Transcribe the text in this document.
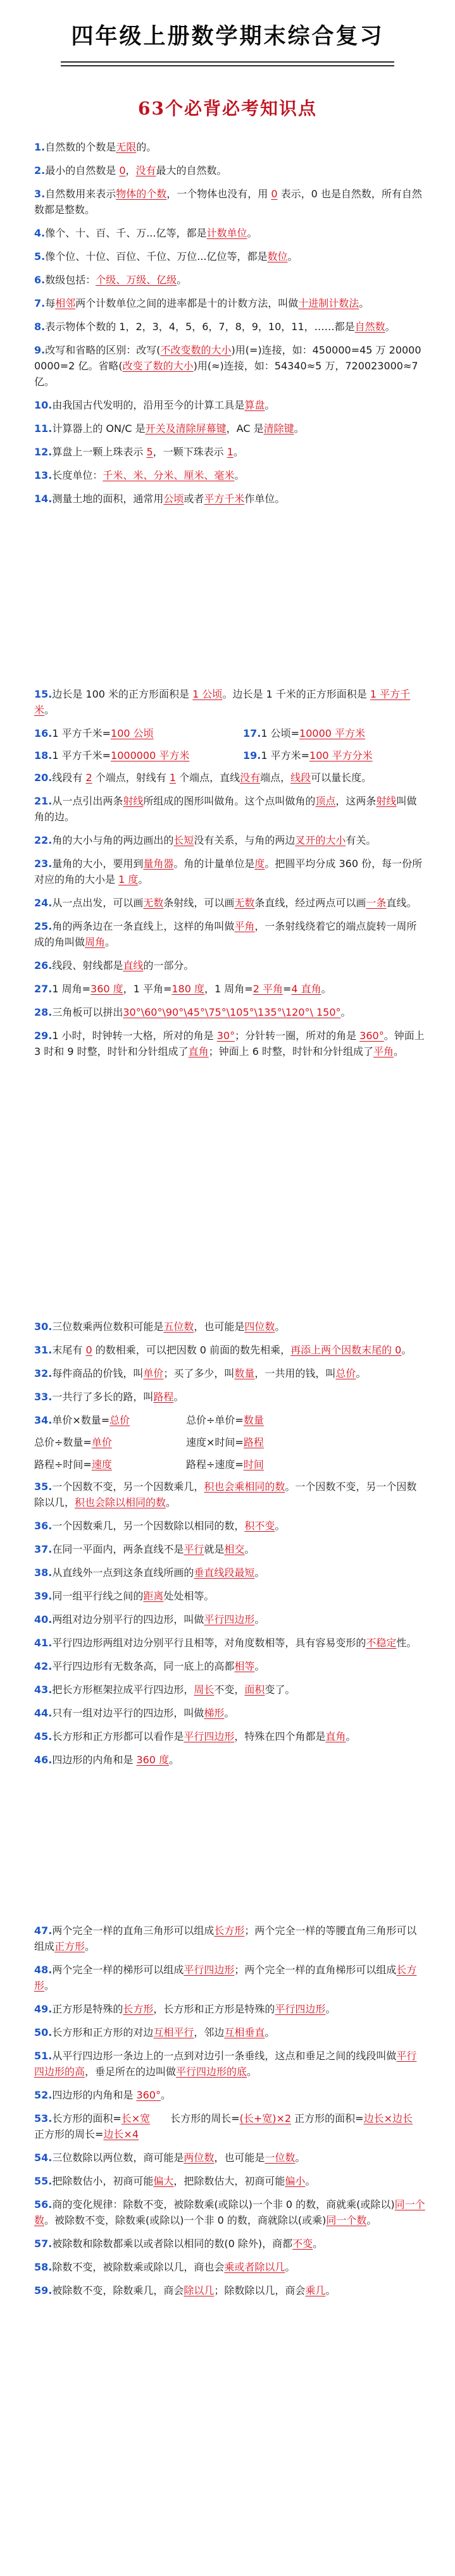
四年级上册数学期末综合复习
63个必背必考知识点

1.自然数的个数是无限的。

2.最小的自然数是 0，没有最大的自然数。

3.自然数用来表示物体的个数，一个物体也没有，用 0 表示，0 也是自然数，所有自然数都是整数。

4.像个、十、百、千、万...亿等，都是计数单位。

5.像个位、十位、百位、千位、万位...亿位等，都是数位。

6.数级包括：个级、万级、亿级。

7.每相邻两个计数单位之间的进率都是十的计数方法，叫做十进制计数法。

8.表示物体个数的 1，2，3，4，5，6，7，8，9，10，11，……都是自然数。

9.改写和省略的区别：改写(不改变数的大小)用(=)连接，如：450000=45 万 200000000=2 亿。省略(改变了数的大小)用(≈)连接，如：54340≈5 万，720023000≈7 亿。

10.由我国古代发明的，沿用至今的计算工具是算盘。

11.计算器上的 ON/C 是开关及清除屏幕键，AC 是清除键。

12.算盘上一颗上珠表示 5，一颗下珠表示 1。

13.长度单位：千米、米、分米、厘米、毫米。

14.测量土地的面积，通常用公顷或者平方千米作单位。

15.边长是 100 米的正方形面积是 1 公顷。边长是 1 千米的正方形面积是 1 平方千米。

16.1 平方千米=100 公顷	17.1 公顷=10000 平方米
18.1 平方千米=1000000 平方米	19.1 平方米=100 平方分米

20.线段有 2 个端点，射线有 1 个端点，直线没有端点，线段可以量长度。

21.从一点引出两条射线所组成的图形叫做角。这个点叫做角的顶点，这两条射线叫做角的边。

22.角的大小与角的两边画出的长短没有关系，与角的两边叉开的大小有关。

23.量角的大小，要用到量角器。角的计量单位是度。把圆平均分成 360 份，每一份所对应的角的大小是 1 度。

24.从一点出发，可以画无数条射线，可以画无数条直线，经过两点可以画一条直线。

25.角的两条边在一条直线上，这样的角叫做平角，一条射线绕着它的端点旋转一周所成的角叫做周角。

26.线段、射线都是直线的一部分。

27.1 周角=360 度，1 平角=180 度，1 周角=2 平角=4 直角。

28.三角板可以拼出30°\60°\90°\45°\75°\105°\135°\120°\ 150°。

29.1 小时，时钟转一大格，所对的角是 30°；分针转一圈，所对的角是 360°。钟面上 3 时和 9 时整，时针和分针组成了直角；钟面上 6 时整，时针和分针组成了平角。

30.三位数乘两位数积可能是五位数，也可能是四位数。

31.末尾有 0 的数相乘，可以把因数 0 前面的数先相乘，再添上两个因数末尾的 0。

32.每件商品的价钱，叫单价；买了多少，叫数量，一共用的钱，叫总价。

33.一共行了多长的路，叫路程。

34.单价×数量=总价	总价÷单价=数量
总价÷数量=单价	速度×时间=路程
路程÷时间=速度	路程÷速度=时间

35.一个因数不变，另一个因数乘几，积也会乘相同的数。一个因数不变，另一个因数除以几，积也会除以相同的数。

36.一个因数乘几，另一个因数除以相同的数，积不变。

37.在同一平面内，两条直线不是平行就是相交。

38.从直线外一点到这条直线所画的垂直线段最短。

39.同一组平行线之间的距离处处相等。

40.两组对边分别平行的四边形，叫做平行四边形。

41.平行四边形两组对边分别平行且相等，对角度数相等，具有容易变形的不稳定性。

42.平行四边形有无数条高，同一底上的高都相等。

43.把长方形框架拉成平行四边形，周长不变，面积变了。

44.只有一组对边平行的四边形，叫做梯形。

45.长方形和正方形都可以看作是平行四边形，特殊在四个角都是直角。

46.四边形的内角和是 360 度。

47.两个完全一样的直角三角形可以组成长方形；两个完全一样的等腰直角三角形可以组成正方形。

48.两个完全一样的梯形可以组成平行四边形；两个完全一样的直角梯形可以组成长方形。

49.正方形是特殊的长方形，长方形和正方形是特殊的平行四边形。

50.长方形和正方形的对边互相平行，邻边互相垂直。

51.从平行四边形一条边上的一点到对边引一条垂线，这点和垂足之间的线段叫做平行四边形的高，垂足所在的边叫做平行四边形的底。

52.四边形的内角和是 360°。

53.长方形的面积=长×宽　　长方形的周长=(长+宽)×2 正方形的面积=边长×边长　正方形的周长=边长×4

54.三位数除以两位数，商可能是两位数，也可能是一位数。

55.把除数估小，初商可能偏大，把除数估大，初商可能偏小。

56.商的变化规律：除数不变，被除数乘(或除以)一个非 0 的数，商就乘(或除以)同一个数。被除数不变，除数乘(或除以)一个非 0 的数，商就除以(或乘)同一个数。

57.被除数和除数都乘以或者除以相同的数(0 除外)，商都不变。

58.除数不变，被除数乘或除以几，商也会乘或者除以几。

59.被除数不变，除数乘几，商会除以几；除数除以几，商会乘几。
